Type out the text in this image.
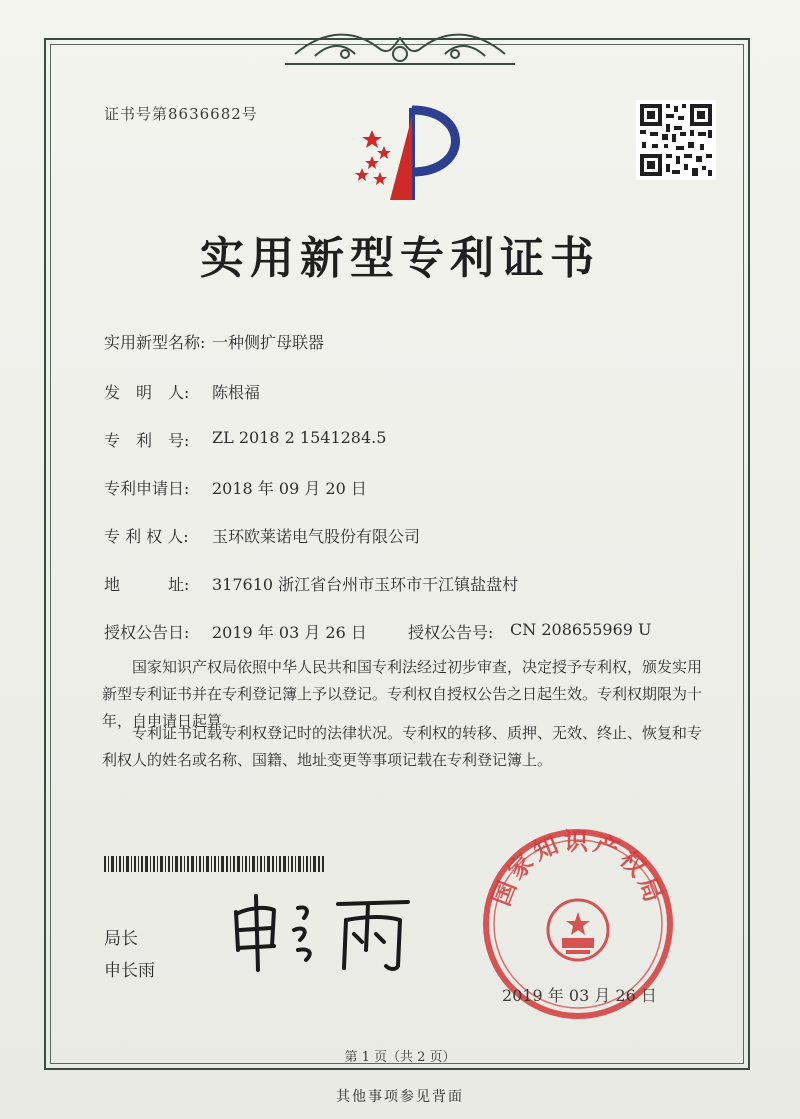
证书号第8636682号
实用新型专利证书
实用新型名称: 一种侧扩母联器
发　明　人: 陈根福
专　利　号: ZL 2018 2 1541284.5
专利申请日: 2018 年 09 月 20 日
专 利 权 人: 玉环欧莱诺电气股份有限公司
地　　　址: 317610 浙江省台州市玉环市干江镇盐盘村
授权公告日: 2019 年 03 月 26 日	授权公告号: CN 208655969 U
国家知识产权局依照中华人民共和国专利法经过初步审查，决定授予专利权，颁发实用新型专利证书并在专利登记簿上予以登记。专利权自授权公告之日起生效。专利权期限为十年，自申请日起算。
专利证书记载专利权登记时的法律状况。专利权的转移、质押、无效、终止、恢复和专利权人的姓名或名称、国籍、地址变更等事项记载在专利登记簿上。
局长
申长雨
国家知识产权局
2019 年 03 月 26 日
第 1 页（共 2 页）
其他事项参见背面
